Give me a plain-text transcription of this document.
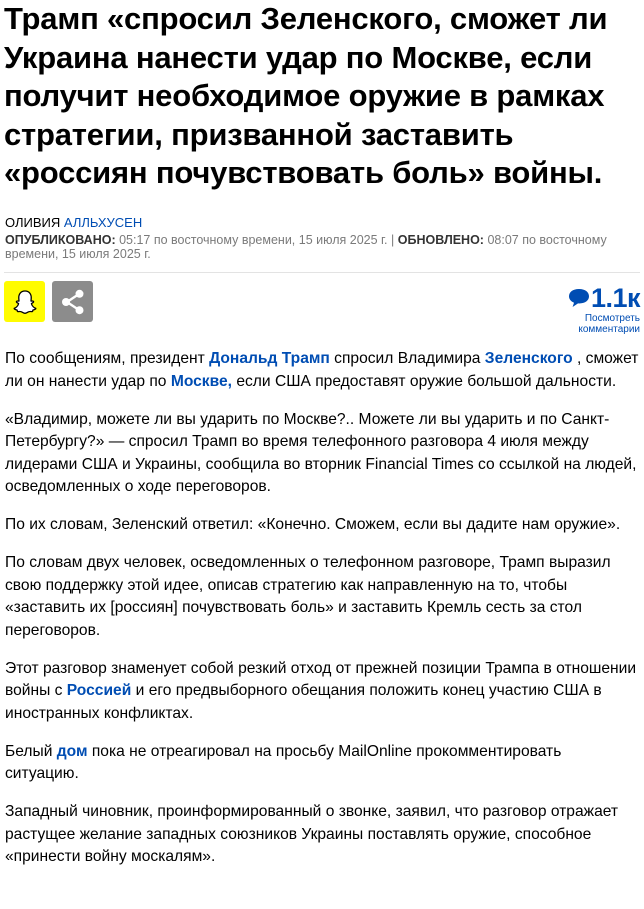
Трамп «спросил Зеленского, сможет ли
Украина нанести удар по Москве, если
получит необходимое оружие в рамках
стратегии, призванной заставить
«россиян почувствовать боль» войны.
ОЛИВИЯ АЛЛЬХУСЕН
ОПУБЛИКОВАНО: 05:17 по восточному времени, 15 июля 2025 г. | ОБНОВЛЕНО: 08:07 по восточному времени, 15 июля 2025 г.
1.1к
Посмотреть
комментарии

По сообщениям, президент Дональд Трамп спросил Владимира Зеленского , сможет ли он нанести удар по Москве, если США предоставят оружие большой дальности.

«Владимир, можете ли вы ударить по Москве?.. Можете ли вы ударить и по Санкт-Петербургу?» — спросил Трамп во время телефонного разговора 4 июля между лидерами США и Украины, сообщила во вторник Financial Times со ссылкой на людей, осведомленных о ходе переговоров.

По их словам, Зеленский ответил: «Конечно. Сможем, если вы дадите нам оружие».

По словам двух человек, осведомленных о телефонном разговоре, Трамп выразил свою поддержку этой идее, описав стратегию как направленную на то, чтобы «заставить их [россиян] почувствовать боль» и заставить Кремль сесть за стол переговоров.

Этот разговор знаменует собой резкий отход от прежней позиции Трампа в отношении войны с Россией и его предвыборного обещания положить конец участию США в иностранных конфликтах.

Белый дом пока не отреагировал на просьбу MailOnline прокомментировать ситуацию.

Западный чиновник, проинформированный о звонке, заявил, что разговор отражает растущее желание западных союзников Украины поставлять оружие, способное «принести войну москалям».
